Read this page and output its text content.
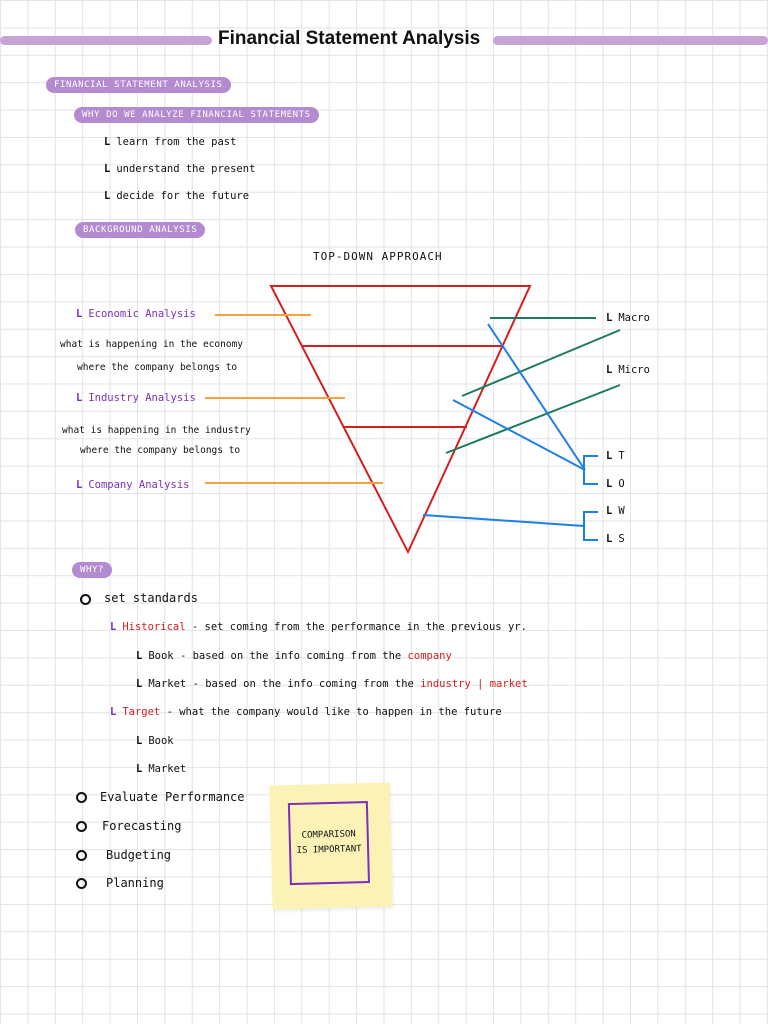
Financial Statement Analysis
FINANCIAL STATEMENT ANALYSIS
WHY DO WE ANALYZE FINANCIAL STATEMENTS
L learn from the past
L understand the present
L decide for the future
BACKGROUND ANALYSIS
TOP-DOWN APPROACH
L Economic Analysis
what is happening in the economy
where the company belongs to
L Industry Analysis
what is happening in the industry
where the company belongs to
L Company Analysis
L Macro
L Micro
L T
L O
L W
L S
WHY?
set standards
L Historical - set coming from the performance in the previous yr.
L Book - based on the info coming from the company
L Market - based on the info coming from the industry | market
L Target - what the company would like to happen in the future
L Book
L Market
Evaluate Performance
Forecasting
Budgeting
Planning
COMPARISON IS IMPORTANT
